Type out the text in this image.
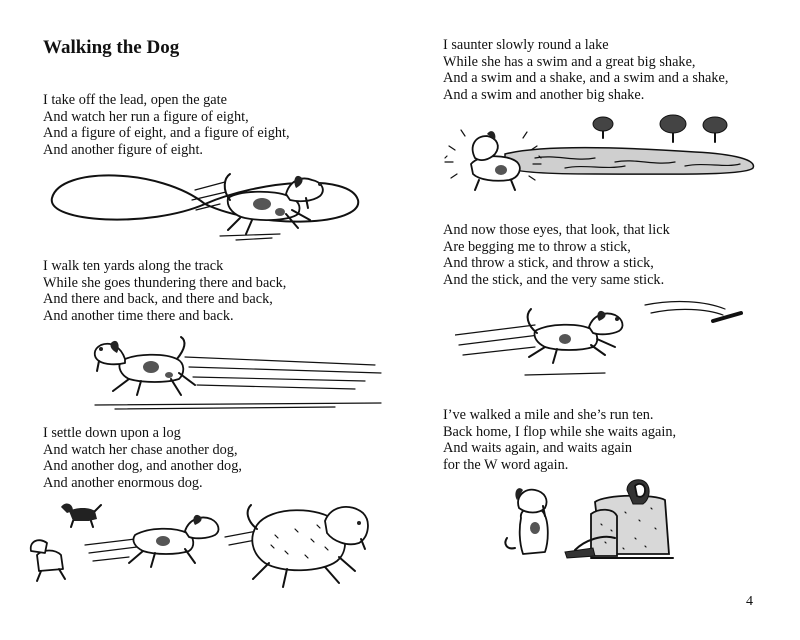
Walking the Dog

I take off the lead, open the gate
And watch her run a figure of eight,
And a figure of eight, and a figure of eight,
And another figure of eight.

I walk ten yards along the track
While she goes thundering there and back,
And there and back, and there and back,
And another time there and back.

I settle down upon a log
And watch her chase another dog,
And another dog, and another dog,
And another enormous dog.

I saunter slowly round a lake
While she has a swim and a great big shake,
And a swim and a shake, and a swim and a shake,
And a swim and another big shake.

And now those eyes, that look, that lick
Are begging me to throw a stick,
And throw a stick, and throw a stick,
And the stick, and the very same stick.

I’ve walked a mile and she’s run ten.
Back home, I flop while she waits again,
And waits again, and waits again
for the W word again.

4
